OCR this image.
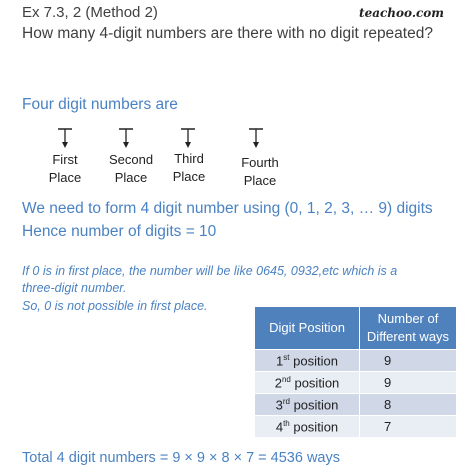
Ex 7.3, 2 (Method 2)	teachoo.com
How many 4-digit numbers are there with no digit repeated?
Four digit numbers are
First
Place
Second
Place
Third
Place
Fourth
Place
We need to form 4 digit number using (0, 1, 2, 3, … 9) digits
Hence number of digits = 10
If 0 is in first place, the number will be like 0645, 0932,etc which is a
three-digit number.
So, 0 is not possible in first place.
Digit Position	Number of
Different ways

1st position	9
2nd position	9
3rd position	8
4th position	7
Total 4 digit numbers = 9 × 9 × 8 × 7 = 4536 ways
